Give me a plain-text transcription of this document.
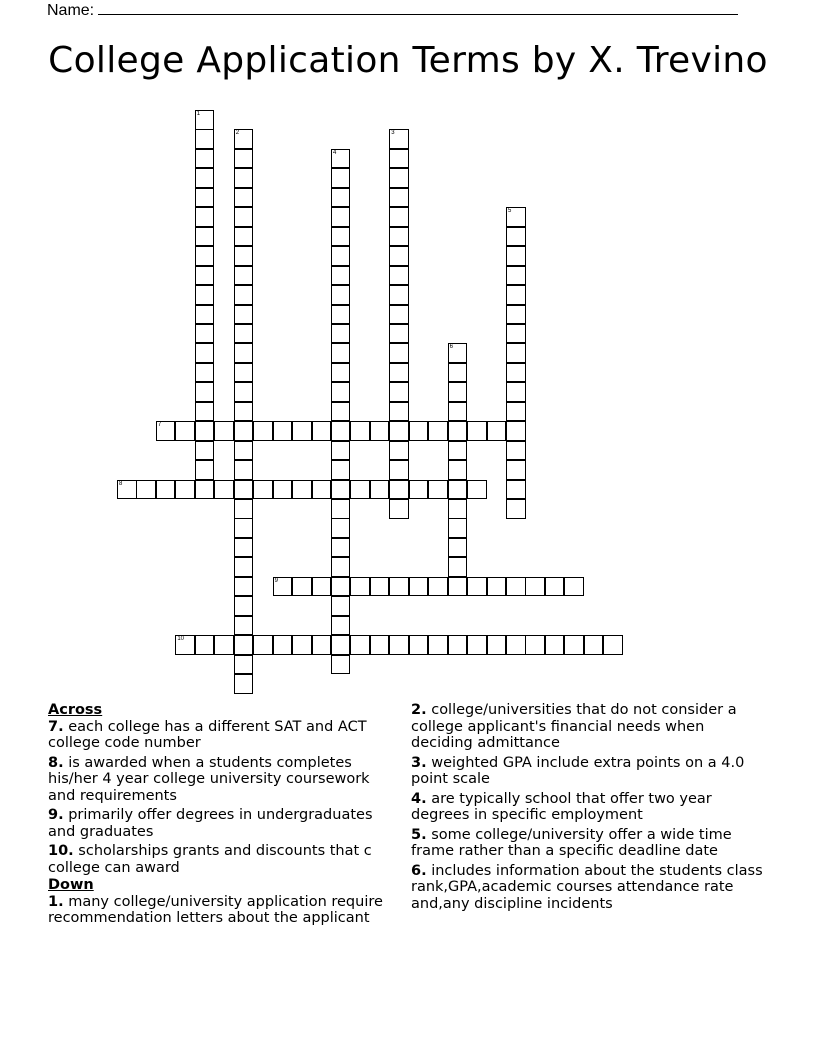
Name:
College Application Terms by X. Trevino
1
2	3
4
5
6
7
8
9
10
Across
7. each college has a different SAT and ACT college code number
8. is awarded when a students completes his/her 4 year college university coursework and requirements
9. primarily offer degrees in undergraduates and graduates
10. scholarships grants and discounts that c college can award
Down
1. many college/university application require recommendation letters about the applicant
2. college/universities that do not consider a college applicant's financial needs when deciding admittance
3. weighted GPA include extra points on a 4.0 point scale
4. are typically school that offer two year degrees in specific employment
5. some college/university offer a wide time frame rather than a specific deadline date
6. includes information about the students class rank,GPA,academic courses attendance rate and,any discipline incidents
